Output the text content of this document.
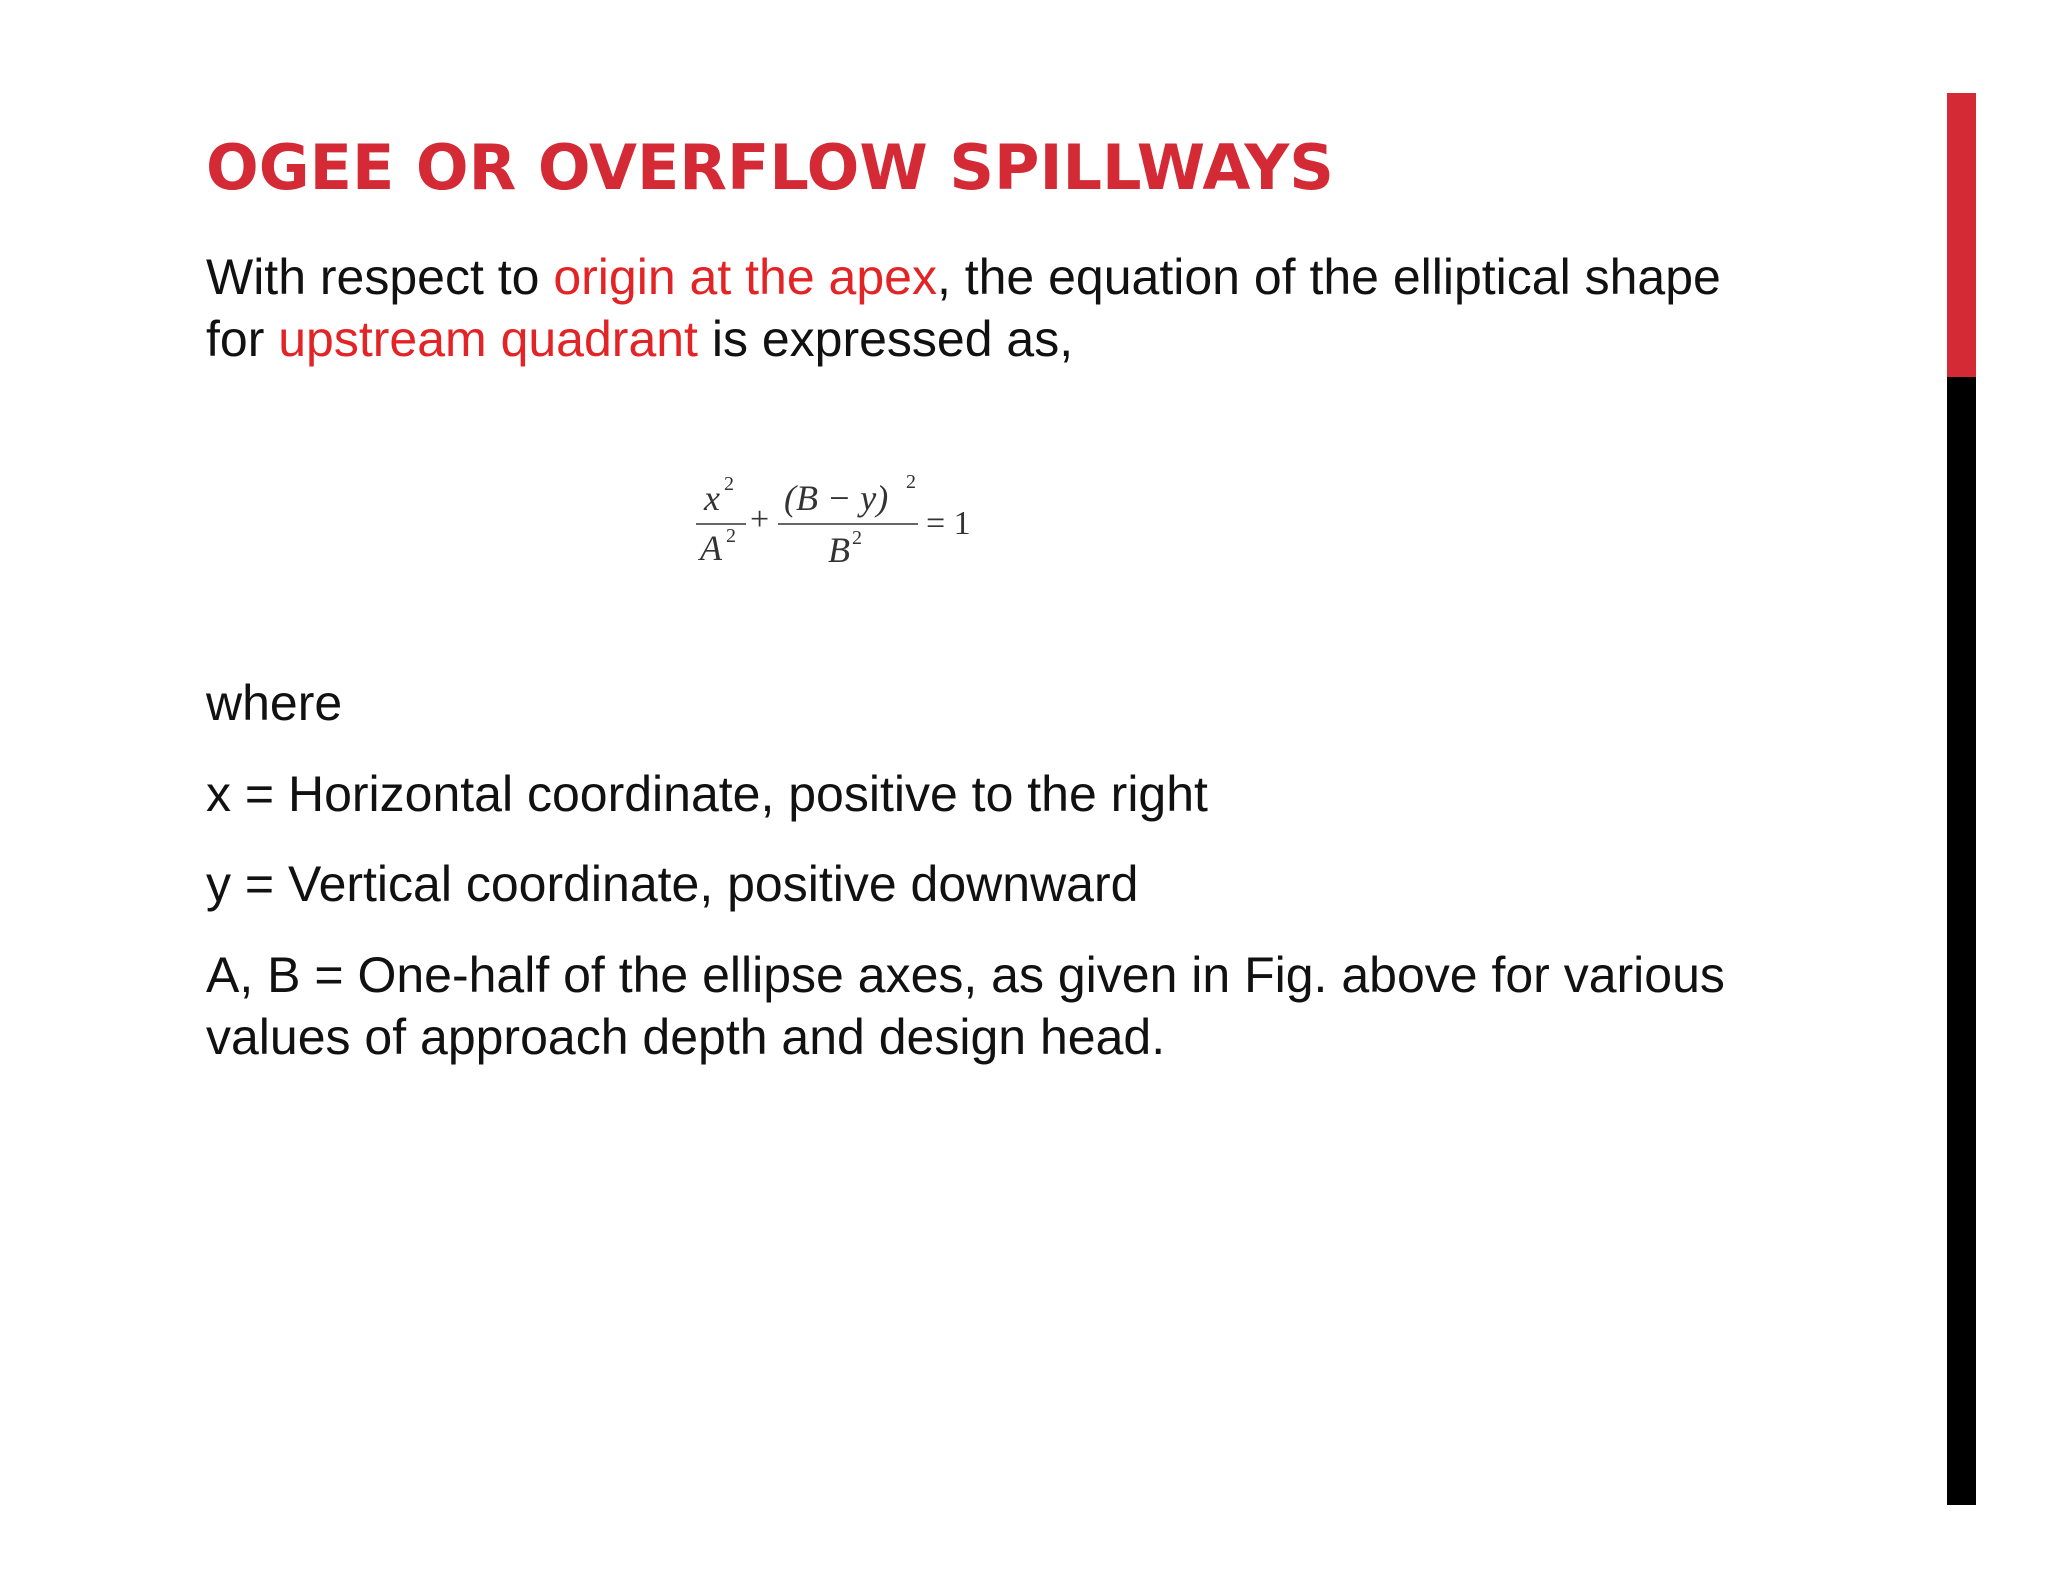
OGEE OR OVERFLOW SPILLWAYS

With respect to origin at the apex, the equation of the elliptical shape
for upstream quadrant is expressed as,

x 2
A 2 +
(B − y) 2
B 2 = 1

where

x = Horizontal coordinate, positive to the right

y = Vertical coordinate, positive downward

A, B = One-half of the ellipse axes, as given in Fig. above for various
values of approach depth and design head.
